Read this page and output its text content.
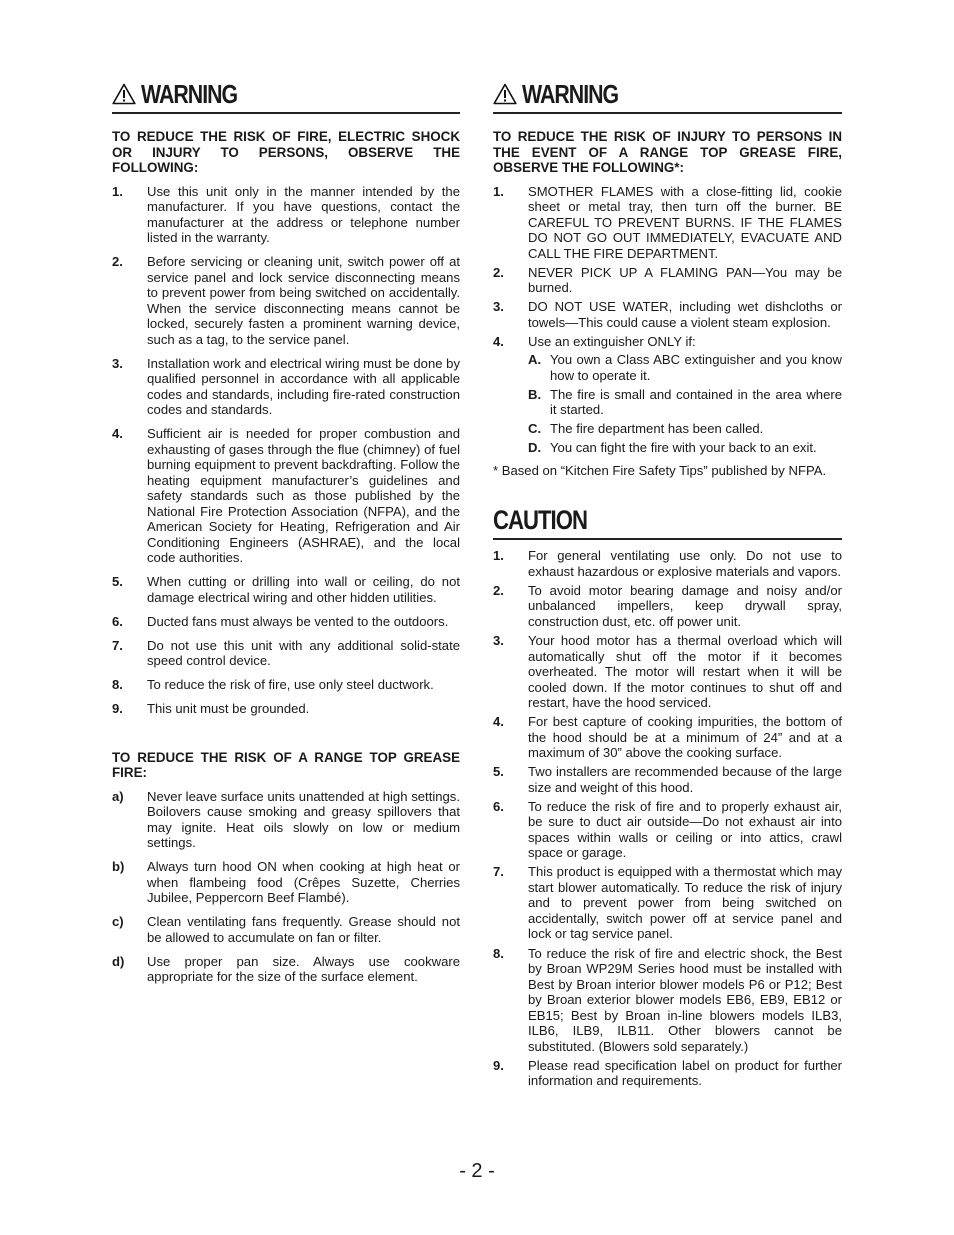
WARNING
TO REDUCE THE RISK OF FIRE, ELECTRIC SHOCK OR INJURY TO PERSONS, OBSERVE THE FOLLOWING:
1.	Use this unit only in the manner intended by the manufacturer. If you have questions, contact the manufacturer at the address or telephone number listed in the warranty.
2.	Before servicing or cleaning unit, switch power off at service panel and lock service disconnecting means to prevent power from being switched on accidentally. When the service disconnecting means cannot be locked, securely fasten a prominent warning device, such as a tag, to the service panel.
3.	Installation work and electrical wiring must be done by qualified personnel in accordance with all applicable codes and standards, including fire-rated construction codes and standards.
4.	Sufficient air is needed for proper combustion and exhausting of gases through the flue (chimney) of fuel burning equipment to prevent backdrafting. Follow the heating equipment manufacturer’s guidelines and safety standards such as those published by the National Fire Protection Association (NFPA), and the American Society for Heating, Refrigeration and Air Conditioning Engineers (ASHRAE), and the local code authorities.
5.	When cutting or drilling into wall or ceiling, do not damage electrical wiring and other hidden utilities.
6.	Ducted fans must always be vented to the outdoors.
7.	Do not use this unit with any additional solid-state speed control device.
8.	To reduce the risk of fire, use only steel ductwork.
9.	This unit must be grounded.
TO REDUCE THE RISK OF A RANGE TOP GREASE FIRE:
a)	Never leave surface units unattended at high settings. Boilovers cause smoking and greasy spillovers that may ignite. Heat oils slowly on low or medium settings.
b)	Always turn hood ON when cooking at high heat or when flambeing food (Crêpes Suzette, Cherries Jubilee, Peppercorn Beef Flambé).
c)	Clean ventilating fans frequently. Grease should not be allowed to accumulate on fan or filter.
d)	Use proper pan size. Always use cookware appropriate for the size of the surface element.
WARNING
TO REDUCE THE RISK OF INJURY TO PERSONS IN THE EVENT OF A RANGE TOP GREASE FIRE, OBSERVE THE FOLLOWING*:
1.	SMOTHER FLAMES with a close-fitting lid, cookie sheet or metal tray, then turn off the burner. BE CAREFUL TO PREVENT BURNS. IF THE FLAMES DO NOT GO OUT IMMEDIATELY, EVACUATE AND CALL THE FIRE DEPARTMENT.
2.	NEVER PICK UP A FLAMING PAN—You may be burned.
3.	DO NOT USE WATER, including wet dishcloths or towels—This could cause a violent steam explosion.
4.	Use an extinguisher ONLY if:
A. You own a Class ABC extinguisher and you know how to operate it.
B. The fire is small and contained in the area where it started.
C. The fire department has been called.
D. You can fight the fire with your back to an exit.
* Based on “Kitchen Fire Safety Tips” published by NFPA.
CAUTION
1.	For general ventilating use only. Do not use to exhaust hazardous or explosive materials and vapors.
2.	To avoid motor bearing damage and noisy and/or unbalanced impellers, keep drywall spray, construction dust, etc. off power unit.
3.	Your hood motor has a thermal overload which will automatically shut off the motor if it becomes overheated. The motor will restart when it will be cooled down. If the motor continues to shut off and restart, have the hood serviced.
4.	For best capture of cooking impurities, the bottom of the hood should be at a minimum of 24” and at a maximum of 30” above the cooking surface.
5.	Two installers are recommended because of the large size and weight of this hood.
6.	To reduce the risk of fire and to properly exhaust air, be sure to duct air outside—Do not exhaust air into spaces within walls or ceiling or into attics, crawl space or garage.
7.	This product is equipped with a thermostat which may start blower automatically. To reduce the risk of injury and to prevent power from being switched on accidentally, switch power off at service panel and lock or tag service panel.
8.	To reduce the risk of fire and electric shock, the Best by Broan WP29M Series hood must be installed with Best by Broan interior blower models P6 or P12; Best by Broan exterior blower models EB6, EB9, EB12 or EB15; Best by Broan in-line blowers models ILB3, ILB6, ILB9, ILB11. Other blowers cannot be substituted. (Blowers sold separately.)
9.	Please read specification label on product for further information and requirements.
- 2 -
